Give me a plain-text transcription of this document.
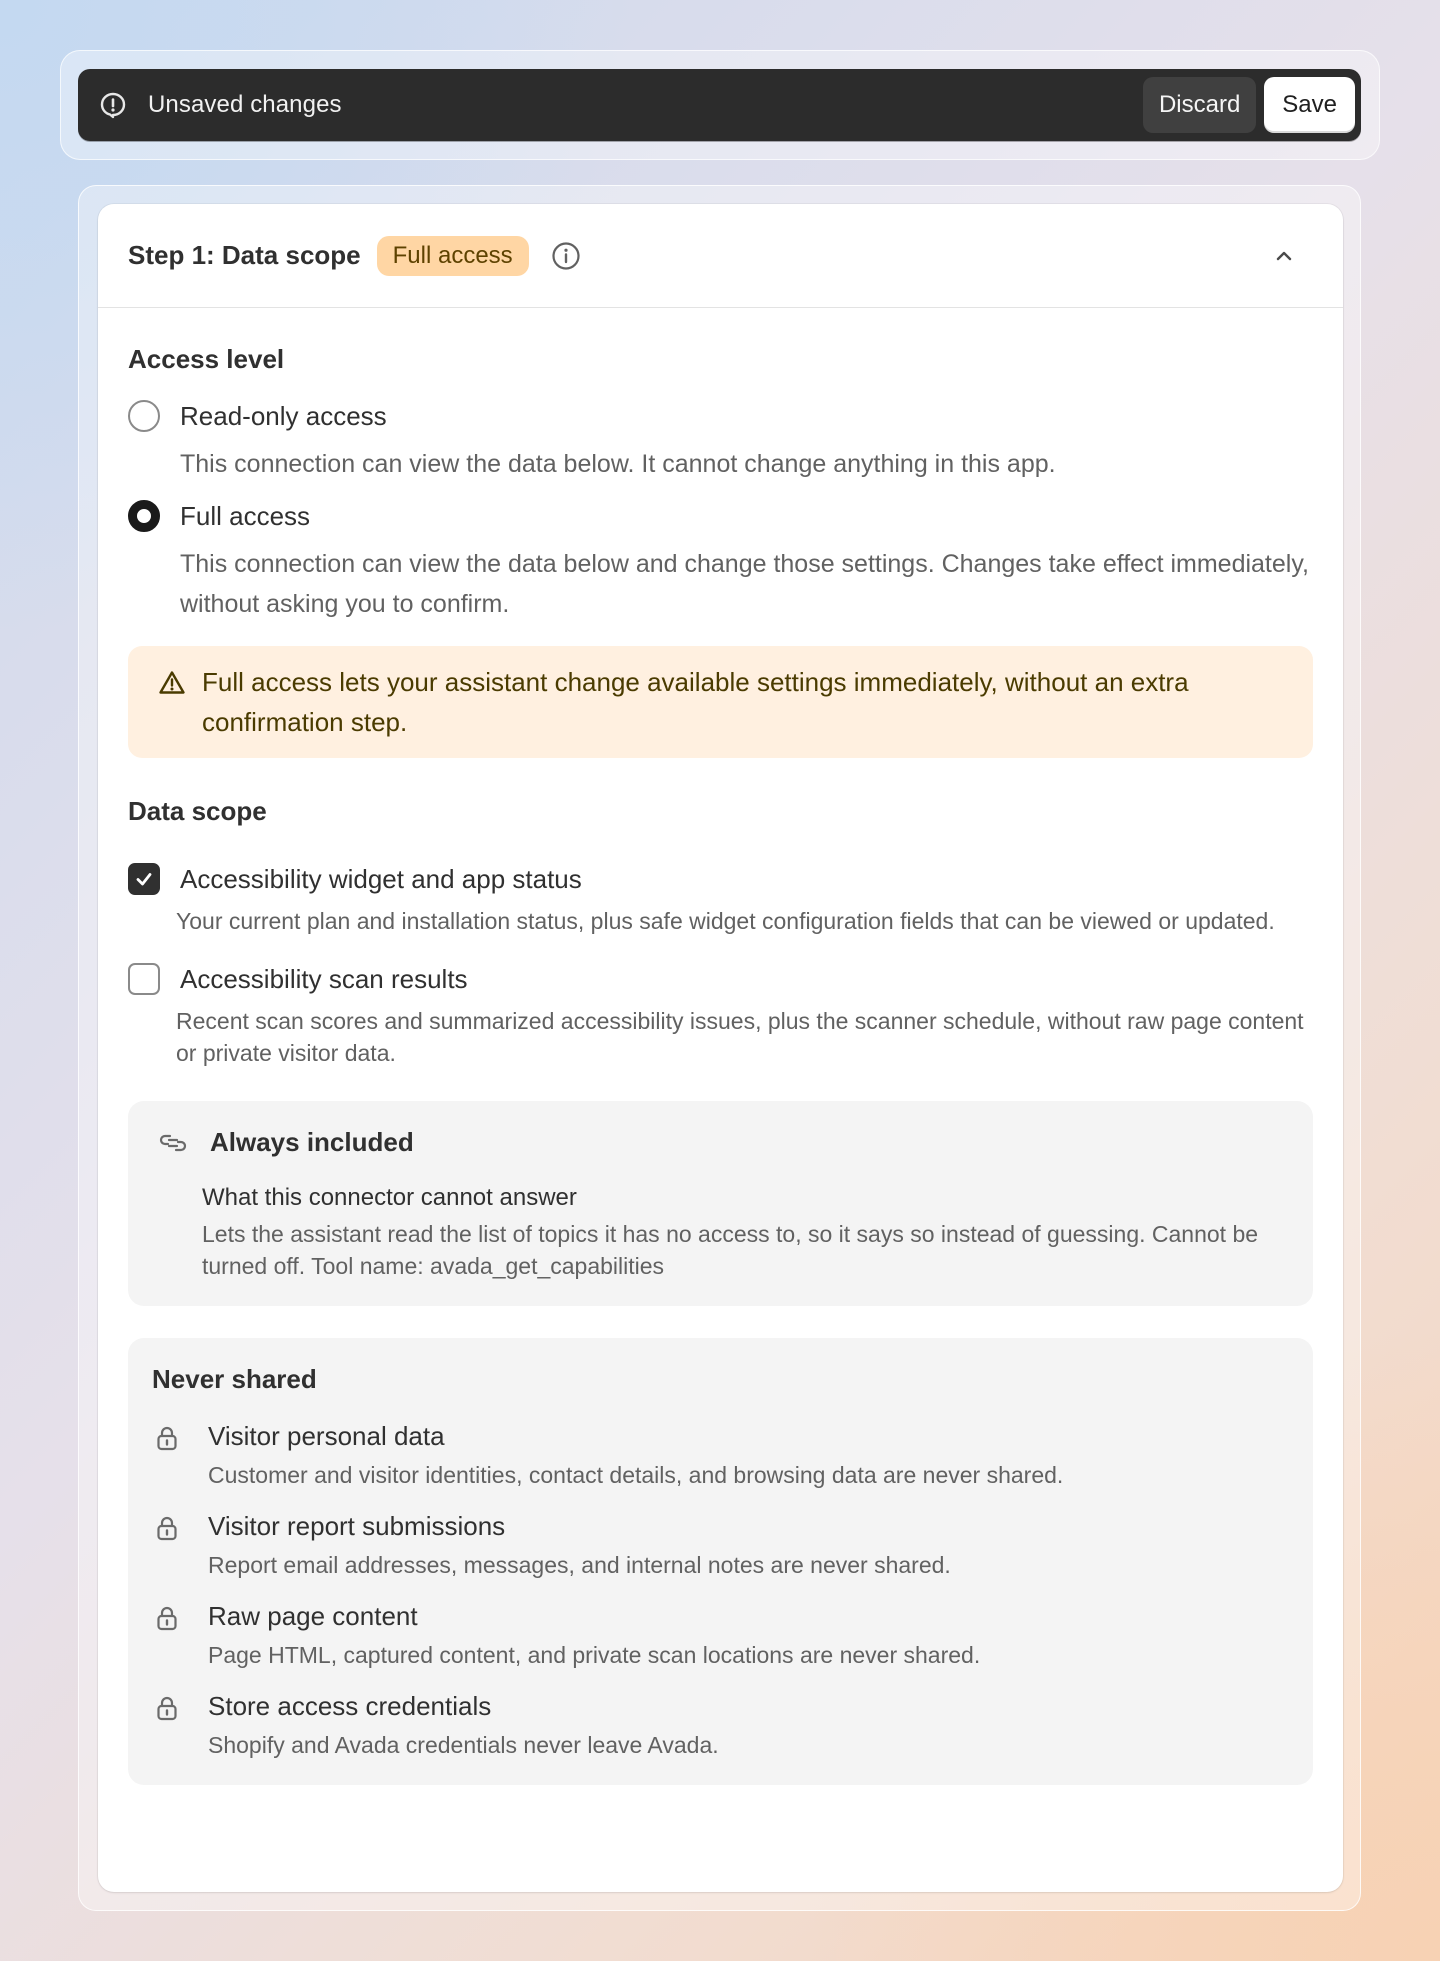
Unsaved changes	Discard	Save
Step 1: Data scope	Full access
Access level
Read-only access
This connection can view the data below. It cannot change anything in this app.
Full access
This connection can view the data below and change those settings. Changes take effect immediately, without asking you to confirm.
Full access lets your assistant change available settings immediately, without an extra confirmation step.
Data scope
Accessibility widget and app status
Your current plan and installation status, plus safe widget configuration fields that can be viewed or updated.
Accessibility scan results
Recent scan scores and summarized accessibility issues, plus the scanner schedule, without raw page content or private visitor data.
Always included
What this connector cannot answer
Lets the assistant read the list of topics it has no access to, so it says so instead of guessing. Cannot be turned off. Tool name: avada_get_capabilities
Never shared
Visitor personal data
Customer and visitor identities, contact details, and browsing data are never shared.
Visitor report submissions
Report email addresses, messages, and internal notes are never shared.
Raw page content
Page HTML, captured content, and private scan locations are never shared.
Store access credentials
Shopify and Avada credentials never leave Avada.
